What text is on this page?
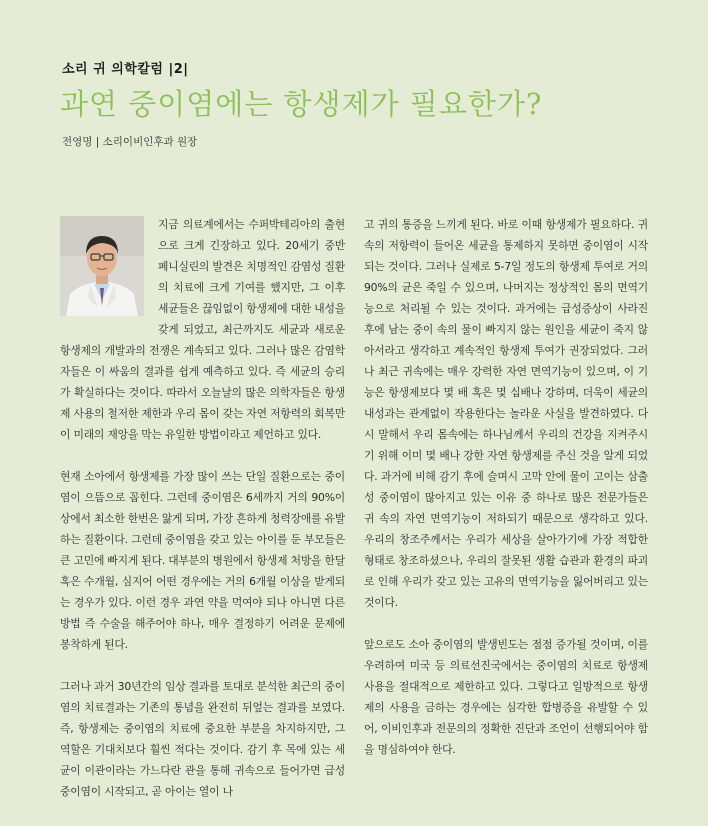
소리 귀 의학칼럼 |2|
과연 중이염에는 항생제가 필요한가?
전영명 | 소리이비인후과 원장

지금 의료계에서는 수퍼박테리아의 출현으로 크게 긴장하고 있다. 20세기 중반 페니실린의 발견은 치명적인 감염성 질환의 치료에 크게 기여를 했지만, 그 이후 세균들은 끊임없이 항생제에 대한 내성을 갖게 되었고, 최근까지도 세균과 새로운 항생제의 개발과의 전쟁은 계속되고 있다. 그러나 많은 감염학자들은 이 싸움의 결과를 쉽게 예측하고 있다. 즉 세균의 승리가 확실하다는 것이다. 따라서 오늘날의 많은 의학자들은 항생제 사용의 철저한 제한과 우리 몸이 갖는 자연 저항력의 회복만이 미래의 재앙을 막는 유일한 방법이라고 제언하고 있다.

현재 소아에서 항생제를 가장 많이 쓰는 단일 질환으로는 중이염이 으뜸으로 꼽힌다. 그런데 중이염은 6세까지 거의 90%이상에서 최소한 한번은 앓게 되며, 가장 흔하게 청력장애를 유발하는 질환이다. 그런데 중이염을 갖고 있는 아이를 둔 부모들은 큰 고민에 빠지게 된다. 대부분의 병원에서 항생제 처방을 한달 혹은 수개월, 심지어 어떤 경우에는 거의 6개월 이상을 받게되는 경우가 있다. 이런 경우 과연 약을 먹여야 되나 아니면 다른 방법 즉 수술을 해주어야 하나, 매우 결정하기 어려운 문제에 봉착하게 된다.

그러나 과거 30년간의 임상 결과를 토대로 분석한 최근의 중이염의 치료결과는 기존의 통념을 완전히 뒤엎는 결과를 보였다. 즉, 항생제는 중이염의 치료에 중요한 부분을 차지하지만, 그 역할은 기대치보다 훨씬 적다는 것이다. 감기 후 목에 있는 세균이 이관이라는 가느다란 관을 통해 귀속으로 들어가면 급성 중이염이 시작되고, 곧 아이는 열이 나

고 귀의 통증을 느끼게 된다. 바로 이때 항생제가 필요하다. 귀속의 저항력이 들어온 세균을 통제하지 못하면 중이염이 시작되는 것이다. 그러나 실제로 5-7일 정도의 항생제 투여로 거의 90%의 균은 죽일 수 있으며, 나머지는 정상적인 몸의 면역기능으로 처리될 수 있는 것이다. 과거에는 급성증상이 사라진 후에 남는 중이 속의 물이 빠지지 않는 원인을 세균이 죽지 않아서라고 생각하고 계속적인 항생제 투여가 권장되었다. 그러나 최근 귀속에는 매우 강력한 자연 면역기능이 있으며, 이 기능은 항생제보다 몇 배 혹은 몇 십배나 강하며, 더욱이 세균의 내성과는 관계없이 작용한다는 놀라운 사실을 발견하였다. 다시 말해서 우리 몸속에는 하나님께서 우리의 건강을 지켜주시기 위해 이미 몇 배나 강한 자연 항생제를 주신 것을 알게 되었다. 과거에 비해 감기 후에 슬며시 고막 안에 물이 고이는 삼출성 중이염이 많아지고 있는 이유 중 하나로 많은 전문가들은 귀 속의 자연 면역기능이 저하되기 때문으로 생각하고 있다. 우리의 창조주께서는 우리가 세상을 살아가기에 가장 적합한 형태로 창조하셨으나, 우리의 잘못된 생활 습관과 환경의 파괴로 인해 우리가 갖고 있는 고유의 면역기능을 잃어버리고 있는 것이다.

앞으로도 소아 중이염의 발생빈도는 점점 증가될 것이며, 이를 우려하여 미국 등 의료선진국에서는 중이염의 치료로 항생제 사용을 절대적으로 제한하고 있다. 그렇다고 일방적으로 항생제의 사용을 금하는 경우에는 심각한 합병증을 유발할 수 있어, 이비인후과 전문의의 정확한 진단과 조언이 선행되어야 함을 명심하여야 한다.
